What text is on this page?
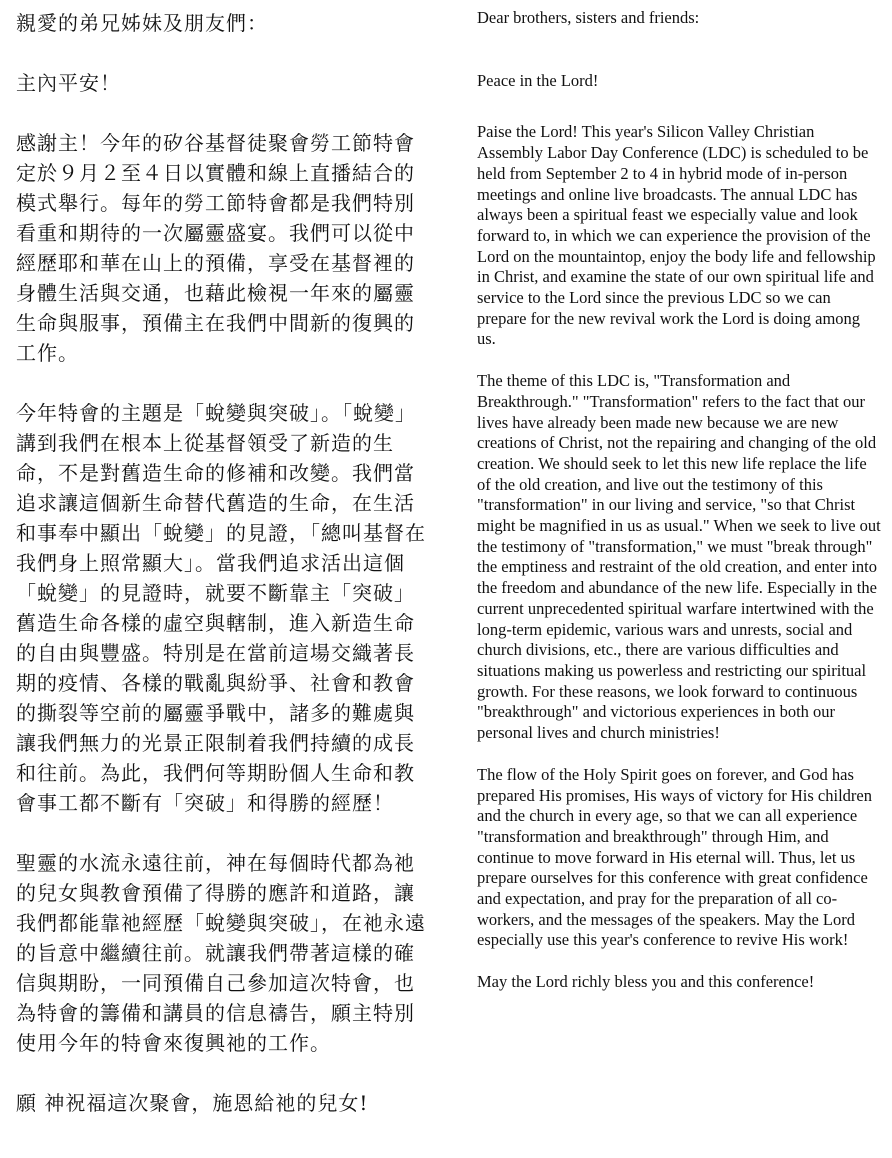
親愛的弟兄姊妹及朋友們：

主內平安！

感謝主！今年的矽谷基督徒聚會勞工節特會定於９月２至４日以實體和線上直播結合的模式舉行。每年的勞工節特會都是我們特別看重和期待的一次屬靈盛宴。我們可以從中經歷耶和華在山上的預備，享受在基督裡的身體生活與交通，也藉此檢視一年來的屬靈生命與服事，預備主在我們中間新的復興的工作。

今年特會的主題是「蛻變與突破」。「蛻變」講到我們在根本上從基督領受了新造的生命，不是對舊造生命的修補和改變。我們當追求讓這個新生命替代舊造的生命，在生活和事奉中顯出「蛻變」的見證，「總叫基督在我們身上照常顯大」。當我們追求活出這個「蛻變」的見證時，就要不斷靠主「突破」舊造生命各樣的虛空與轄制，進入新造生命的自由與豐盛。特別是在當前這場交織著長期的疫情、各樣的戰亂與紛爭、社會和教會的撕裂等空前的屬靈爭戰中，諸多的難處與讓我們無力的光景正限制着我們持續的成長和往前。為此，我們何等期盼個人生命和教會事工都不斷有「突破」和得勝的經歷！

聖靈的水流永遠往前，神在每個時代都為祂的兒女與教會預備了得勝的應許和道路，讓我們都能靠祂經歷「蛻變與突破」，在祂永遠的旨意中繼續往前。就讓我們帶著這樣的確信與期盼，一同預備自己參加這次特會，也為特會的籌備和講員的信息禱告，願主特別使用今年的特會來復興祂的工作。

願 神祝福這次聚會，施恩給祂的兒女!

Dear brothers, sisters and friends:

Peace in the Lord!

Paise the Lord! This year's Silicon Valley Christian Assembly Labor Day Conference (LDC) is scheduled to be held from September 2 to 4 in hybrid mode of in-person meetings and online live broadcasts. The annual LDC has always been a spiritual feast we especially value and look forward to, in which we can experience the provision of the Lord on the mountaintop, enjoy the body life and fellowship in Christ, and examine the state of our own spiritual life and service to the Lord since the previous LDC so we can prepare for the new revival work the Lord is doing among us.

The theme of this LDC is, "Transformation and Breakthrough." "Transformation" refers to the fact that our lives have already been made new because we are new creations of Christ, not the repairing and changing of the old creation. We should seek to let this new life replace the life of the old creation, and live out the testimony of this "transformation" in our living and service, "so that Christ might be magnified in us as usual." When we seek to live out the testimony of "transformation," we must "break through" the emptiness and restraint of the old creation, and enter into the freedom and abundance of the new life. Especially in the current unprecedented spiritual warfare intertwined with the long-term epidemic, various wars and unrests, social and church divisions, etc., there are various difficulties and situations making us powerless and restricting our spiritual growth. For these reasons, we look forward to continuous "breakthrough" and victorious experiences in both our personal lives and church ministries!

The flow of the Holy Spirit goes on forever, and God has prepared His promises, His ways of victory for His children and the church in every age, so that we can all experience "transformation and breakthrough" through Him, and continue to move forward in His eternal will. Thus, let us prepare ourselves for this conference with great confidence and expectation, and pray for the preparation of all co-workers, and the messages of the speakers. May the Lord especially use this year's conference to revive His work!

May the Lord richly bless you and this conference!
